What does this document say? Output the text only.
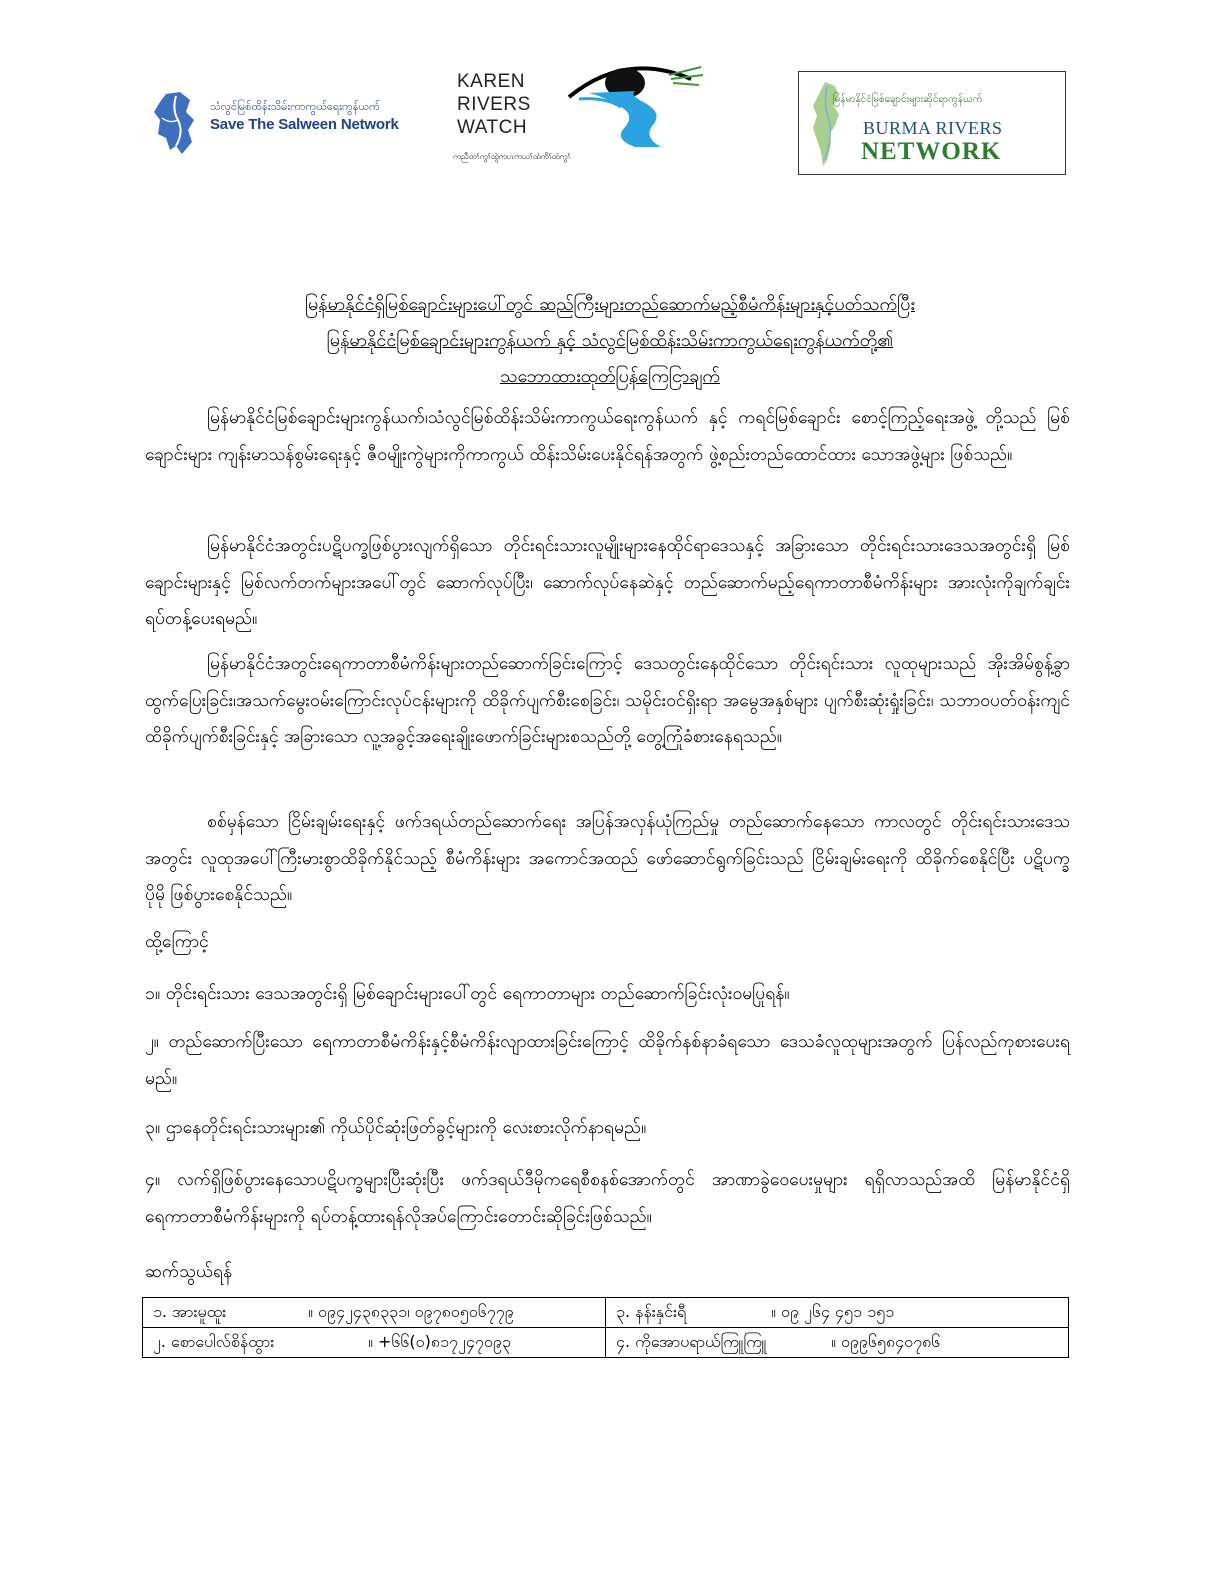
သံလွင်မြစ်ထိန်းသိမ်းကာကွယ်ရေးကွန်ယက်
Save The Salween Network
KAREN
RIVERS
WATCH
ကညီတၢ်ကွၢ်ထွဲကပၤကယၢ်ထံကိၢ်ထံကွၢ်
မြန်မာနိုင်ငံမြစ်ချောင်းများဆိုင်ရာကွန်ယက်
BURMA RIVERS
NETWORK
မြန်မာနိုင်ငံရှိမြစ်ချောင်းများပေါ်တွင် ဆည်ကြီးများတည်ဆောက်မည့်စီမံကိန်းများနှင့်ပတ်သက်ပြီး
မြန်မာနိုင်ငံမြစ်ချောင်းများကွန်ယက် နှင့် သံလွင်မြစ်ထိန်းသိမ်းကာကွယ်ရေးကွန်ယက်တို့၏
သဘောထားထုတ်ပြန်ကြေငြာချက်
မြန်မာနိုင်ငံမြစ်ချောင်းများကွန်ယက်၊သံလွင်မြစ်ထိန်းသိမ်းကာကွယ်ရေးကွန်ယက် နှင့် ကရင်မြစ်ချောင်း စောင့်ကြည့်ရေးအဖွဲ့ တို့သည် မြစ်ချောင်းများ ကျန်းမာသန်စွမ်းရေးနှင့် ဇီဝမျိုးကွဲများကိုကာကွယ် ထိန်းသိမ်းပေးနိုင်ရန်အတွက် ဖွဲ့စည်းတည်ထောင်ထား သောအဖွဲ့များ ဖြစ်သည်။
မြန်မာနိုင်ငံအတွင်းပဋိပက္ခဖြစ်ပွားလျက်ရှိသော တိုင်းရင်းသားလူမျိုးများနေထိုင်ရာဒေသနှင့် အခြားသော တိုင်းရင်းသားဒေသအတွင်းရှိ မြစ်ချောင်းများနှင့် မြစ်လက်တက်များအပေါ်တွင် ဆောက်လုပ်ပြီး၊ ဆောက်လုပ်နေဆဲနှင့် တည်ဆောက်မည့်ရေကာတာစီမံကိန်းများ အားလုံးကိုချက်ချင်း ရပ်တန့်ပေးရမည်။
မြန်မာနိုင်ငံအတွင်းရေကာတာစီမံကိန်းများတည်ဆောက်ခြင်းကြောင့် ဒေသတွင်းနေထိုင်သော တိုင်းရင်းသား လူထုများသည် အိုးအိမ်စွန့်ခွာထွက်ပြေးခြင်း၊အသက်မွေးဝမ်းကြောင်းလုပ်ငန်းများကို ထိခိုက်ပျက်စီးစေခြင်း၊ သမိုင်းဝင်ရှိးရာ အမွေအနှစ်များ ပျက်စီးဆုံးရှုံးခြင်း၊ သဘာဝပတ်ဝန်းကျင် ထိခိုက်ပျက်စီးခြင်းနှင့် အခြားသော လူ့အခွင့်အရေးချိုးဖောက်ခြင်းများစသည်တို့ တွေ့ကြုံခံစားနေရသည်။
စစ်မှန်သော ငြိမ်းချမ်းရေးနှင့် ဖက်ဒရယ်တည်ဆောက်ရေး အပြန်အလှန်ယုံကြည်မှု တည်ဆောက်နေသော ကာလတွင် တိုင်းရင်းသားဒေသအတွင်း လူထုအပေါ်ကြီးမားစွာထိခိုက်နိုင်သည့် စီမံကိန်းများ အကောင်အထည် ဖော်ဆောင်ရွက်ခြင်းသည် ငြိမ်းချမ်းရေးကို ထိခိုက်စေနိုင်ပြီး ပဋိပက္ခပိုမို ဖြစ်ပွားစေနိုင်သည်။
ထို့ကြောင့်
၁။ တိုင်းရင်းသား ဒေသအတွင်းရှိ မြစ်ချောင်းများပေါ်တွင် ရေကာတာများ တည်ဆောက်ခြင်းလုံးဝမပြုရန်။
၂။ တည်ဆောက်ပြီးသော ရေကာတာစီမံကိန်းနှင့်စီမံကိန်းလျာထားခြင်းကြောင့် ထိခိုက်နစ်နာခံရသော ဒေသခံလူထုများအတွက် ပြန်လည်ကုစားပေးရမည်။
၃။ ဌာနေတိုင်းရင်းသားများ၏ ကိုယ်ပိုင်ဆုံးဖြတ်ခွင့်များကို လေးစားလိုက်နာရမည်။
၄။ လက်ရှိဖြစ်ပွားနေသောပဋိပက္ခများပြီးဆုံးပြီး ဖက်ဒရယ်ဒီမိုကရေစီစနစ်အောက်တွင် အာဏာခွဲဝေပေးမှုများ ရရှိလာသည်အထိ မြန်မာနိုင်ငံရှိ ရေကာတာစီမံကိန်းများကို ရပ်တန့်ထားရန်လိုအပ်ကြောင်းတောင်းဆိုခြင်းဖြစ်သည်။
ဆက်သွယ်ရန်
၁. အားမူထူး ။ ၀၉၄၂၄၃၈၃၃၁၊ ၀၉၇၈၀၅၀၆၇၇၉	၃. နန်းနှင်းရီ ။ ၀၉ ၂၆၄ ၄၅၁ ၁၅၁
၂. စောပေါလ်စိန်ထွား ။ +၆၆(၀)၈၁၇၂၄၇၀၉၃	၄. ကိုအောပရာယ်ကြူကြူ ။ ၀၉၉၆၅၈၄၀၇၈၆
